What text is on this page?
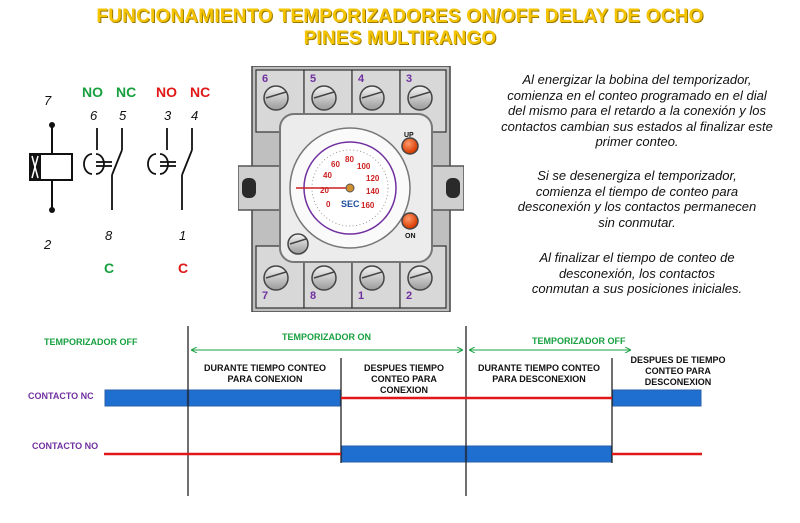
FUNCIONAMIENTO TEMPORIZADORES ON/OFF DELAY DE OCHO
PINES MULTIRANGO
NO NC NO NC
7
6 5	3 4
2
8	1
C	C
6	5	4	3
7	8	1	2
0
20
40
60
80
100
120
140
160
SEC
UP
ON
Al energizar la bobina del temporizador,
comienza en el conteo programado en el dial
del mismo para el retardo a la conexión y los
contactos cambian sus estados al finalizar este
primer conteo.
Si se desenergiza el temporizador,
comienza el tiempo de conteo para
desconexión y los contactos permanecen
sin conmutar.
Al finalizar el tiempo de conteo de
desconexión, los contactos
conmutan a sus posiciones iniciales.
TEMPORIZADOR OFF	TEMPORIZADOR ON	TEMPORIZADOR OFF
DURANTE TIEMPO CONTEO PARA CONEXION
DESPUES TIEMPO CONTEO PARA CONEXION
DURANTE TIEMPO CONTEO PARA DESCONEXION
DESPUES DE TIEMPO CONTEO PARA DESCONEXION
CONTACTO NC
CONTACTO NO
